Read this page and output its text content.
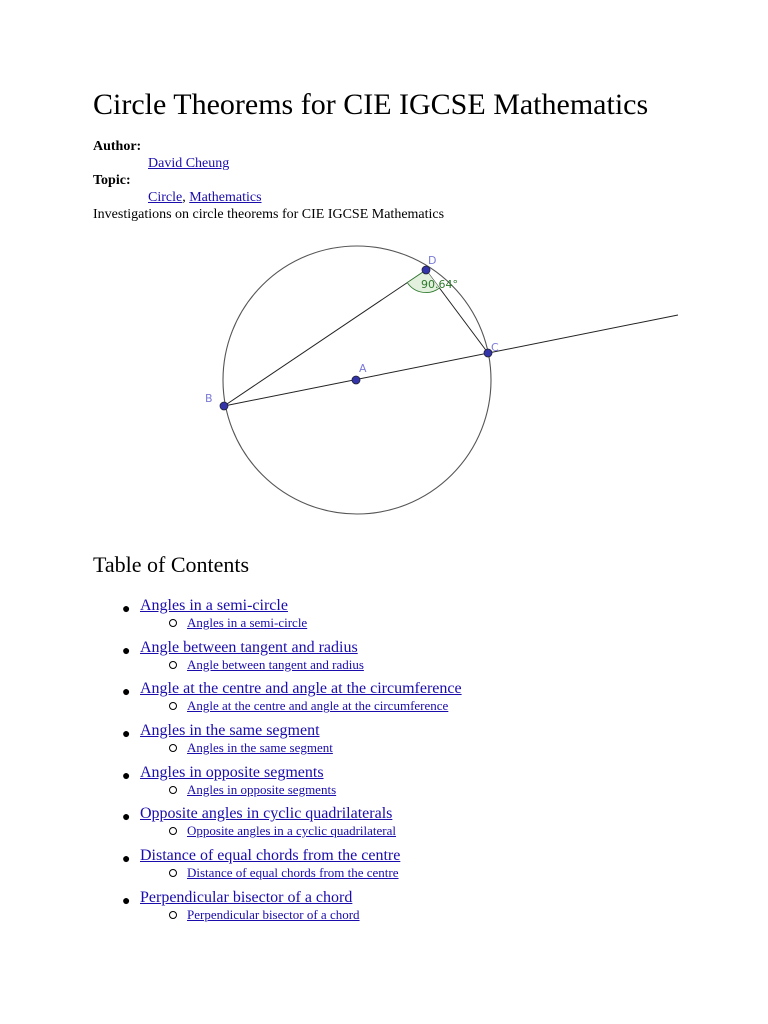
Circle Theorems for CIE IGCSE Mathematics
Author:
David Cheung
Topic:
Circle, Mathematics
Investigations on circle theorems for CIE IGCSE Mathematics
90.64°
A
B
C
D
Table of Contents
● Angles in a semi-circle
Angles in a semi-circle
● Angle between tangent and radius
Angle between tangent and radius
● Angle at the centre and angle at the circumference
Angle at the centre and angle at the circumference
● Angles in the same segment
Angles in the same segment
● Angles in opposite segments
Angles in opposite segments
● Opposite angles in cyclic quadrilaterals
Opposite angles in a cyclic quadrilateral
● Distance of equal chords from the centre
Distance of equal chords from the centre
● Perpendicular bisector of a chord
Perpendicular bisector of a chord
